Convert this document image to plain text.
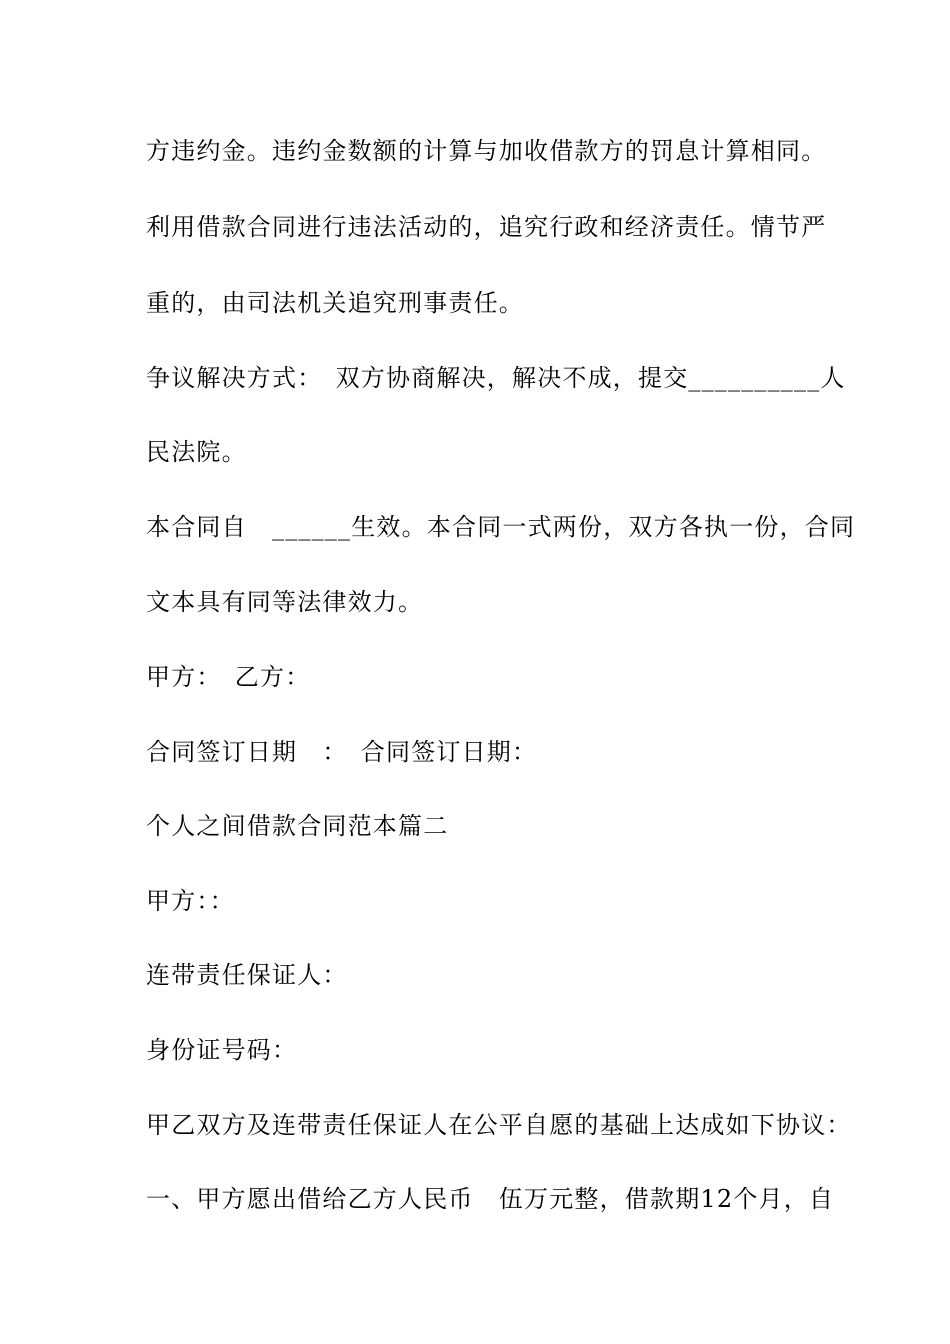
方违约金。违约金数额的计算与加收借款方的罚息计算相同。
利用借款合同进行违法活动的，追究行政和经济责任。情节严
重的，由司法机关追究刑事责任。
争议解决方式：　双方协商解决，解决不成，提交__________人
民法院。
本合同自　______生效。本合同一式两份，双方各执一份，合同
文本具有同等法律效力。
甲方：　乙方：
合同签订日期　：　合同签订日期：
个人之间借款合同范本篇二
甲方：：
连带责任保证人：
身份证号码：
甲乙双方及连带责任保证人在公平自愿的基础上达成如下协议：
一、甲方愿出借给乙方人民币　伍万元整，借款期12个月，自
